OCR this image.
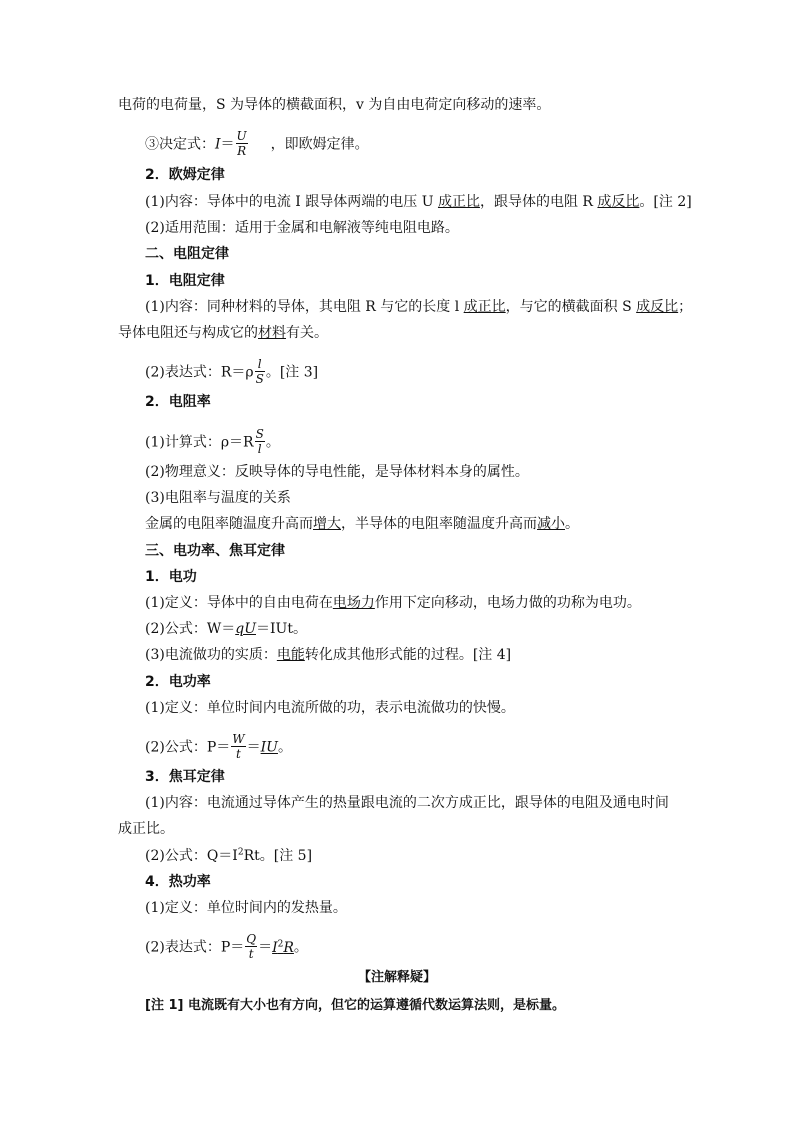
电荷的电荷量，S 为导体的横截面积，v 为自由电荷定向移动的速率。
③决定式：$I= \frac{U}{R}$ ，即欧姆定律。
2．欧姆定律
(1)内容：导体中的电流 I 跟导体两端的电压 U 成正比，跟导体的电阻 R 成反比。[注 2]
(2)适用范围：适用于金属和电解液等纯电阻电路。
二、电阻定律
1．电阻定律
(1)内容：同种材料的导体，其电阻 R 与它的长度 l 成正比，与它的横截面积 S 成反比；
导体电阻还与构成它的材料有关。
(2)表达式：$R=\rho \frac{l}{S}$ 。[注 3]
2．电阻率
(1)计算式：$\rho=R \frac{S}{l}$ 。
(2)物理意义：反映导体的导电性能，是导体材料本身的属性。
(3)电阻率与温度的关系
金属的电阻率随温度升高而增大，半导体的电阻率随温度升高而减小。
三、电功率、焦耳定律
1．电功
(1)定义：导体中的自由电荷在电场力作用下定向移动，电场力做的功称为电功。
(2)公式：W＝qU＝IUt。
(3)电流做功的实质：电能转化成其他形式能的过程。[注 4]
2．电功率
(1)定义：单位时间内电流所做的功，表示电流做功的快慢。
(2)公式：$P= \frac{W}{t} =IU$。
3．焦耳定律
(1)内容：电流通过导体产生的热量跟电流的二次方成正比，跟导体的电阻及通电时间
成正比。
(2)公式：$Q=I^2Rt$。[注 5]
4．热功率
(1)定义：单位时间内的发热量。
(2)表达式：$P= \frac{Q}{t} =I^2R$。
【注解释疑】
[注 1] 电流既有大小也有方向，但它的运算遵循代数运算法则，是标量。
